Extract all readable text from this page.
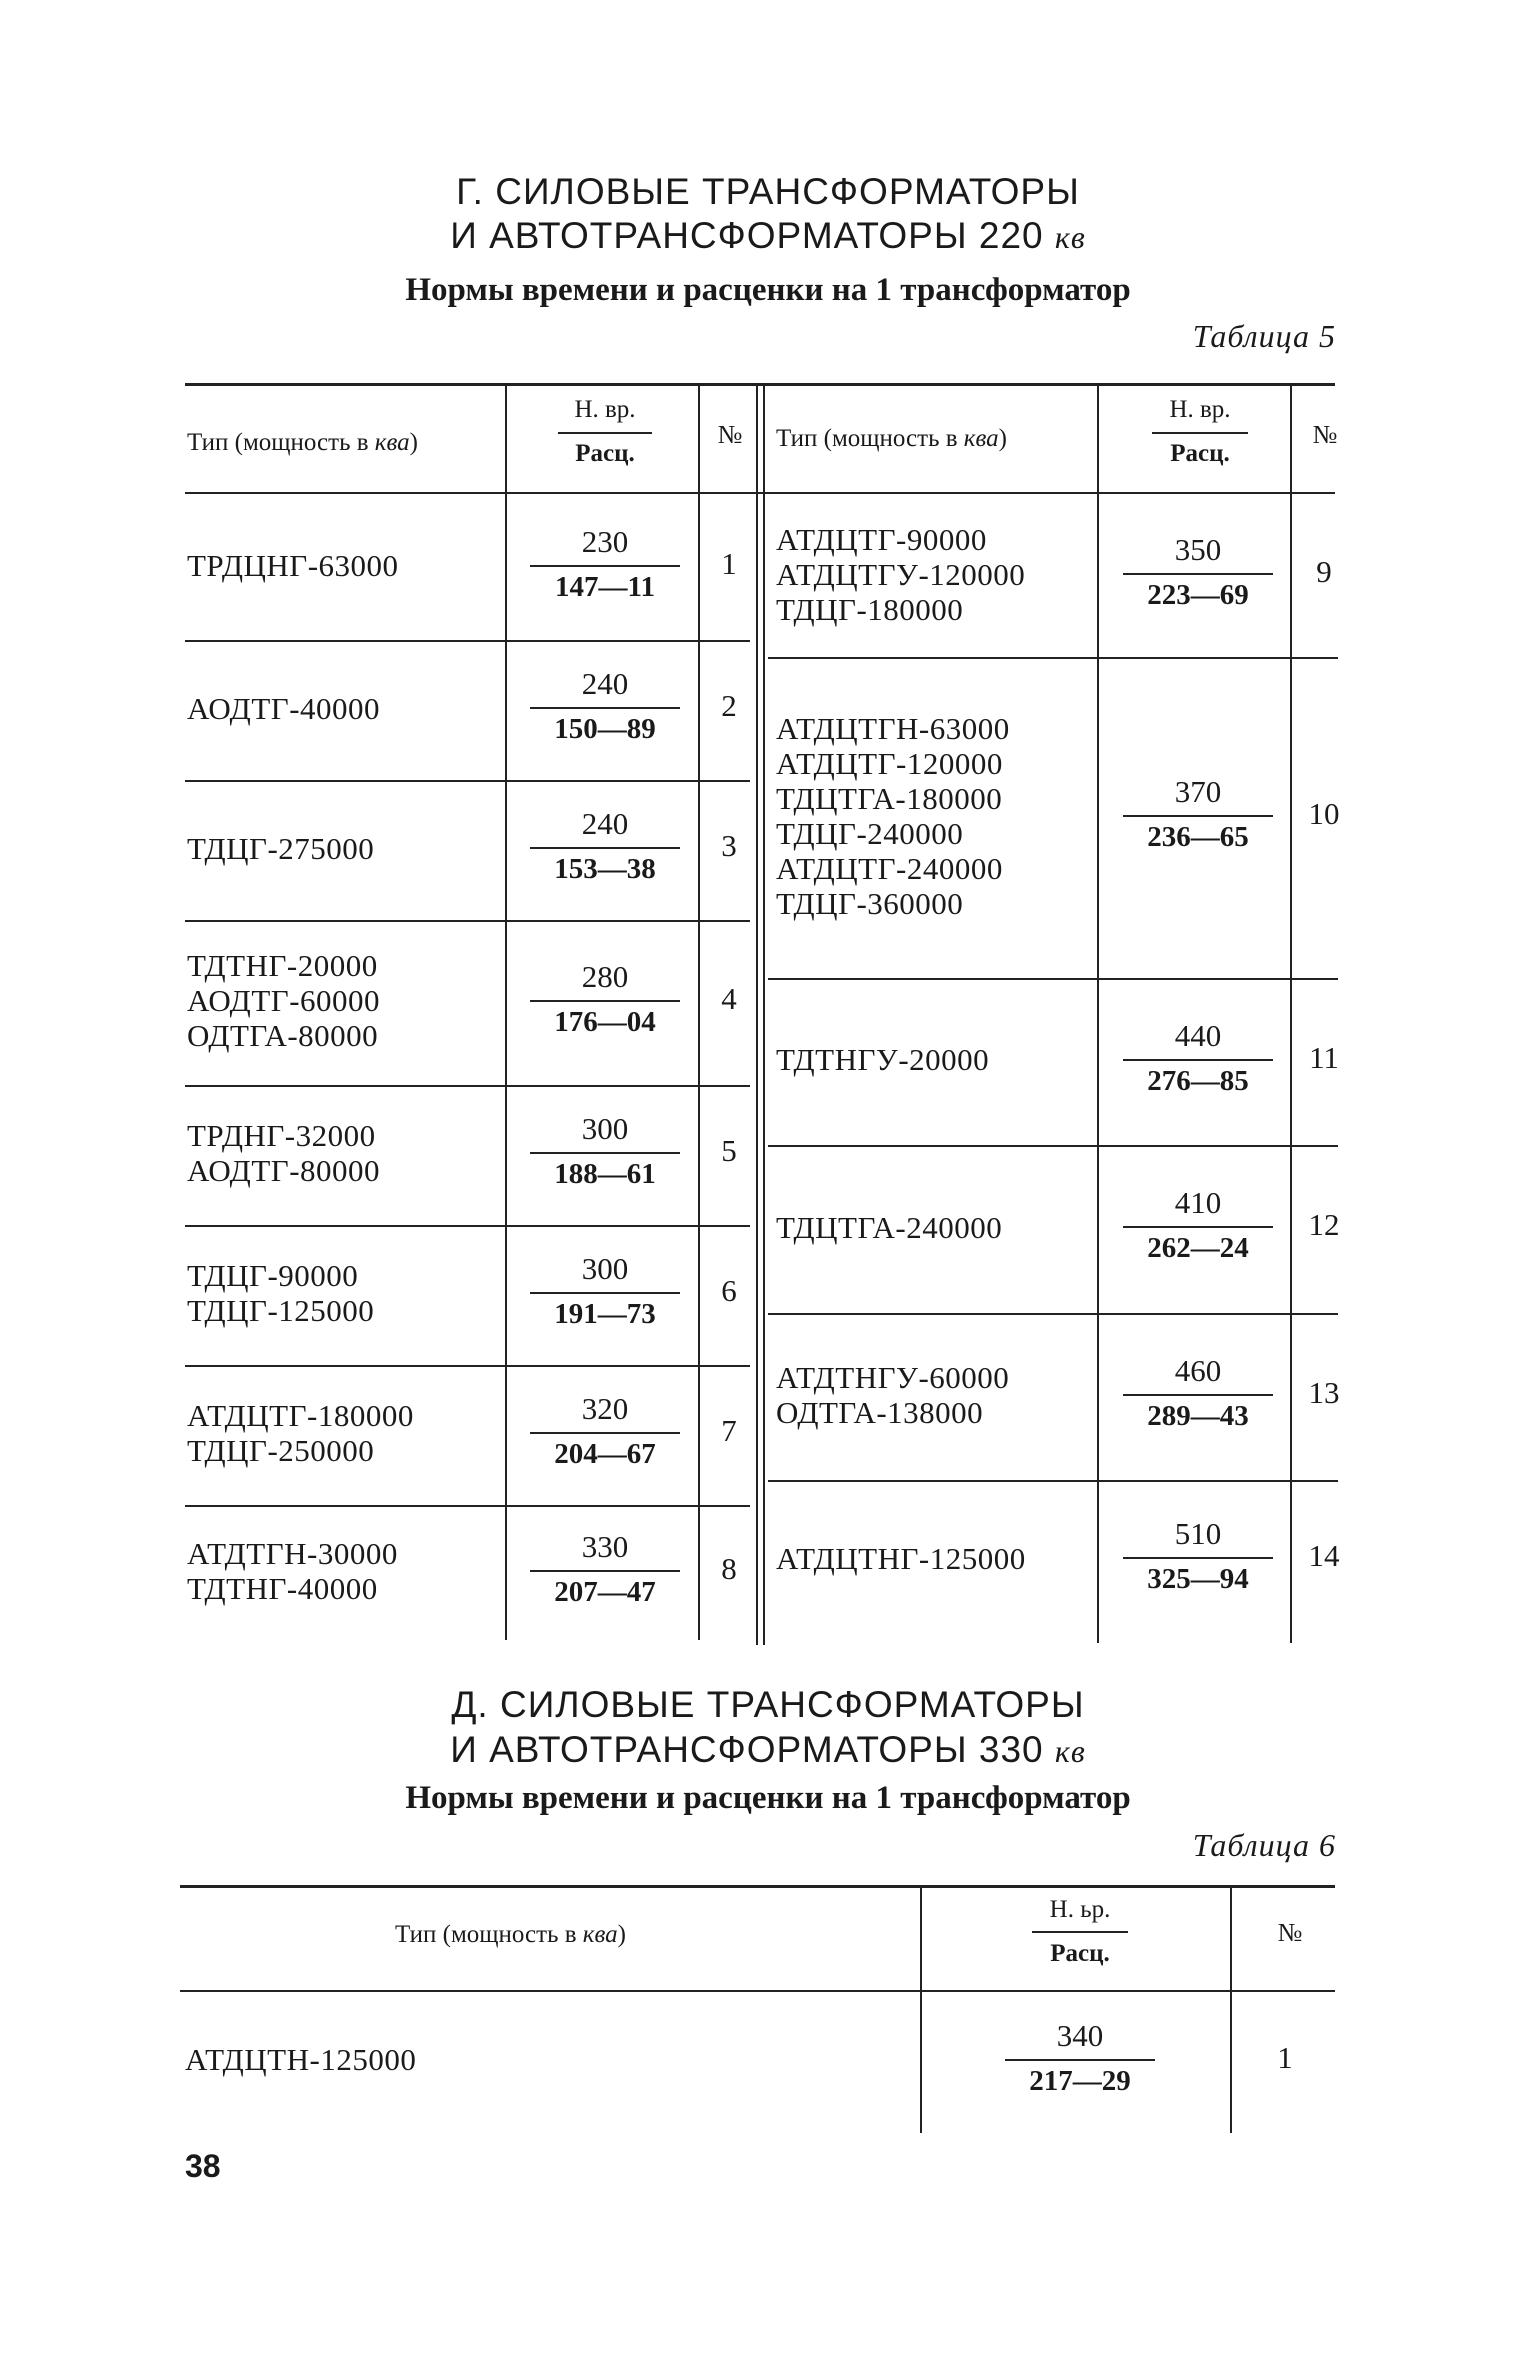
Г. СИЛОВЫЕ ТРАНСФОРМАТОРЫ
И АВТОТРАНСФОРМАТОРЫ 220 кв
Нормы времени и расценки на 1 трансформатор
Таблица 5
Тип (мощность в ква)
Н. вр.
Расц.
№	Тип (мощность в ква)
Н. вр.
Расц.
№
ТРДЦНГ-63000
230
147—11
1
АОДТГ-40000
240
150—89
2
ТДЦГ-275000
240
153—38
3
ТДТНГ-20000
АОДТГ-60000
ОДТГА-80000
280
176—04
4
ТРДНГ-32000
АОДТГ-80000
300
188—61
5
ТДЦГ-90000
ТДЦГ-125000
300
191—73
6
АТДЦТГ-180000
ТДЦГ-250000
320
204—67
7
АТДТГН-30000
ТДТНГ-40000
330
207—47
8
АТДЦТГ-90000
АТДЦТГУ-120000
ТДЦГ-180000
350
223—69
9
АТДЦТГН-63000
АТДЦТГ-120000
ТДЦТГА-180000
ТДЦГ-240000
АТДЦТГ-240000
ТДЦГ-360000
370
236—65
10
ТДТНГУ-20000
440
276—85
11
ТДЦТГА-240000
410
262—24
12
АТДТНГУ-60000
ОДТГА-138000
460
289—43
13
АТДЦТНГ-125000
510
325—94
14
Д. СИЛОВЫЕ ТРАНСФОРМАТОРЫ
И АВТОТРАНСФОРМАТОРЫ 330 кв
Нормы времени и расценки на 1 трансформатор
Таблица 6
Тип (мощность в ква)
Н. ьр.
Расц.
№
АТДЦТН-125000
340
217—29
1
38
